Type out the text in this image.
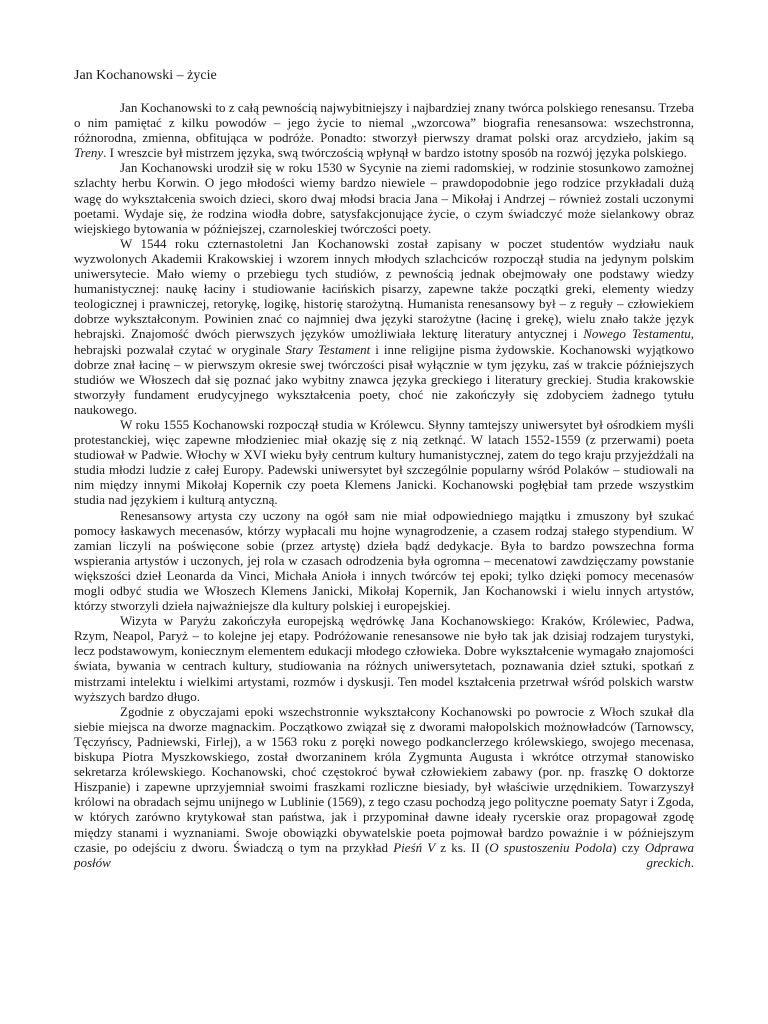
Jan Kochanowski – życie

Jan Kochanowski to z całą pewnością najwybitniejszy i najbardziej znany twórca polskiego renesansu. Trzeba o nim pamiętać z kilku powodów – jego życie to niemal „wzorcowa” biografia renesansowa: wszechstronna, różnorodna, zmienna, obfitująca w podróże. Ponadto: stworzył pierwszy dramat polski oraz arcydzieło, jakim są Treny. I wreszcie był mistrzem języka, swą twórczością wpłynął w bardzo istotny sposób na rozwój języka polskiego.

Jan Kochanowski urodził się w roku 1530 w Sycynie na ziemi radomskiej, w rodzinie stosunkowo zamożnej szlachty herbu Korwin. O jego młodości wiemy bardzo niewiele – prawdopodobnie jego rodzice przykładali dużą wagę do wykształcenia swoich dzieci, skoro dwaj młodsi bracia Jana – Mikołaj i Andrzej – również zostali uczonymi poetami. Wydaje się, że rodzina wiodła dobre, satysfakcjonujące życie, o czym świadczyć może sielankowy obraz wiejskiego bytowania w późniejszej, czarnoleskiej twórczości poety.

W 1544 roku czternastoletni Jan Kochanowski został zapisany w poczet studentów wydziału nauk wyzwolonych Akademii Krakowskiej i wzorem innych młodych szlachciców rozpoczął studia na jedynym polskim uniwersytecie. Mało wiemy o przebiegu tych studiów, z pewnością jednak obejmowały one podstawy wiedzy humanistycznej: naukę łaciny i studiowanie łacińskich pisarzy, zapewne także początki greki, elementy wiedzy teologicznej i prawniczej, retorykę, logikę, historię starożytną. Humanista renesansowy był – z reguły – człowiekiem dobrze wykształconym. Powinien znać co najmniej dwa języki starożytne (łacinę i grekę), wielu znało także język hebrajski. Znajomość dwóch pierwszych języków umożliwiała lekturę literatury antycznej i Nowego Testamentu, hebrajski pozwalał czytać w oryginale Stary Testament i inne religijne pisma żydowskie. Kochanowski wyjątkowo dobrze znał łacinę – w pierwszym okresie swej twórczości pisał wyłącznie w tym języku, zaś w trakcie późniejszych studiów we Włoszech dał się poznać jako wybitny znawca języka greckiego i literatury greckiej. Studia krakowskie stworzyły fundament erudycyjnego wykształcenia poety, choć nie zakończyły się zdobyciem żadnego tytułu naukowego.

W roku 1555 Kochanowski rozpoczął studia w Królewcu. Słynny tamtejszy uniwersytet był ośrodkiem myśli protestanckiej, więc zapewne młodzieniec miał okazję się z nią zetknąć. W latach 1552-1559 (z przerwami) poeta studiował w Padwie. Włochy w XVI wieku były centrum kultury humanistycznej, zatem do tego kraju przyjeżdżali na studia młodzi ludzie z całej Europy. Padewski uniwersytet był szczególnie popularny wśród Polaków – studiowali na nim między innymi Mikołaj Kopernik czy poeta Klemens Janicki. Kochanowski pogłębiał tam przede wszystkim studia nad językiem i kulturą antyczną.

Renesansowy artysta czy uczony na ogół sam nie miał odpowiedniego majątku i zmuszony był szukać pomocy łaskawych mecenasów, którzy wypłacali mu hojne wynagrodzenie, a czasem rodzaj stałego stypendium. W zamian liczyli na poświęcone sobie (przez artystę) dzieła bądź dedykacje. Była to bardzo powszechna forma wspierania artystów i uczonych, jej rola w czasach odrodzenia była ogromna – mecenatowi zawdzięczamy powstanie większości dzieł Leonarda da Vinci, Michała Anioła i innych twórców tej epoki; tylko dzięki pomocy mecenasów mogli odbyć studia we Włoszech Klemens Janicki, Mikołaj Kopernik, Jan Kochanowski i wielu innych artystów, którzy stworzyli dzieła najważniejsze dla kultury polskiej i europejskiej.

Wizyta w Paryżu zakończyła europejską wędrówkę Jana Kochanowskiego: Kraków, Królewiec, Padwa, Rzym, Neapol, Paryż – to kolejne jej etapy. Podróżowanie renesansowe nie było tak jak dzisiaj rodzajem turystyki, lecz podstawowym, koniecznym elementem edukacji młodego człowieka. Dobre wykształcenie wymagało znajomości świata, bywania w centrach kultury, studiowania na różnych uniwersytetach, poznawania dzieł sztuki, spotkań z mistrzami intelektu i wielkimi artystami, rozmów i dyskusji. Ten model kształcenia przetrwał wśród polskich warstw wyższych bardzo długo.

Zgodnie z obyczajami epoki wszechstronnie wykształcony Kochanowski po powrocie z Włoch szukał dla siebie miejsca na dworze magnackim. Początkowo związał się z dworami małopolskich możnowładców (Tarnowscy, Tęczyńscy, Padniewski, Firlej), a w 1563 roku z poręki nowego podkanclerzego królewskiego, swojego mecenasa, biskupa Piotra Myszkowskiego, został dworzaninem króla Zygmunta Augusta i wkrótce otrzymał stanowisko sekretarza królewskiego. Kochanowski, choć częstokroć bywał człowiekiem zabawy (por. np. fraszkę O doktorze Hiszpanie) i zapewne uprzyjemniał swoimi fraszkami rozliczne biesiady, był właściwie urzędnikiem. Towarzyszył królowi na obradach sejmu unijnego w Lublinie (1569), z tego czasu pochodzą jego polityczne poematy Satyr i Zgoda, w których zarówno krytykował stan państwa, jak i przypominał dawne ideały rycerskie oraz propagował zgodę między stanami i wyznaniami. Swoje obowiązki obywatelskie poeta pojmował bardzo poważnie i w późniejszym czasie, po odejściu z dworu. Świadczą o tym na przykład Pieśń V z ks. II (O spustoszeniu Podola) czy Odprawa posłów greckich.
